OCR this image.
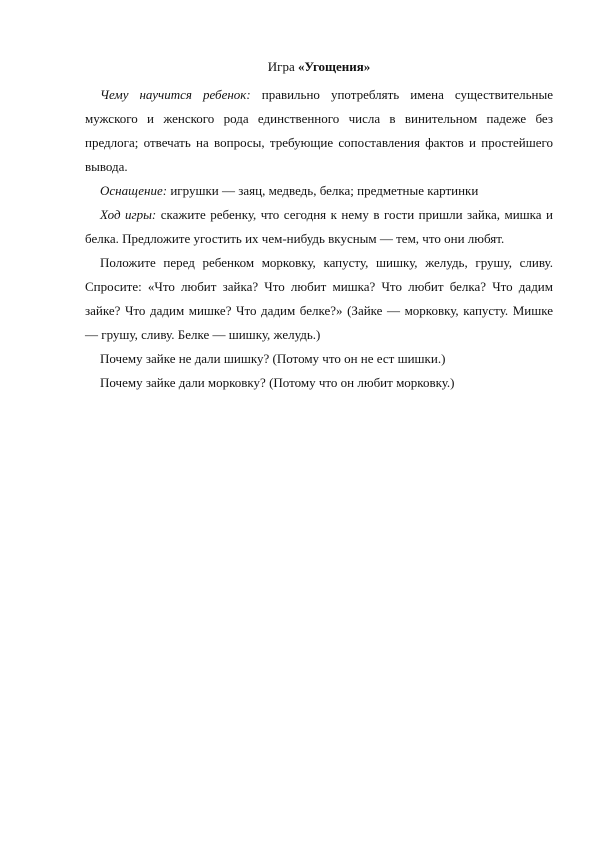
Игра «Угощения»

Чему научится ребенок: правильно употреблять имена существительные мужского и женского рода единственного числа в винительном падеже без предлога; отвечать на вопросы, требующие сопоставления фактов и простейшего вывода.

Оснащение: игрушки — заяц, медведь, белка; предметные картинки

Ход игры: скажите ребенку, что сегодня к нему в гости пришли зайка, мишка и белка. Предложите угостить их чем-нибудь вкусным — тем, что они любят.

Положите перед ребенком морковку, капусту, шишку, желудь, грушу, сливу. Спросите: «Что любит зайка? Что любит мишка? Что любит белка? Что дадим зайке? Что дадим мишке? Что дадим белке?» (Зайке — морковку, капусту. Мишке — грушу, сливу. Белке — шишку, желудь.)

Почему зайке не дали шишку? (Потому что он не ест шишки.)

Почему зайке дали морковку? (Потому что он любит морковку.)
